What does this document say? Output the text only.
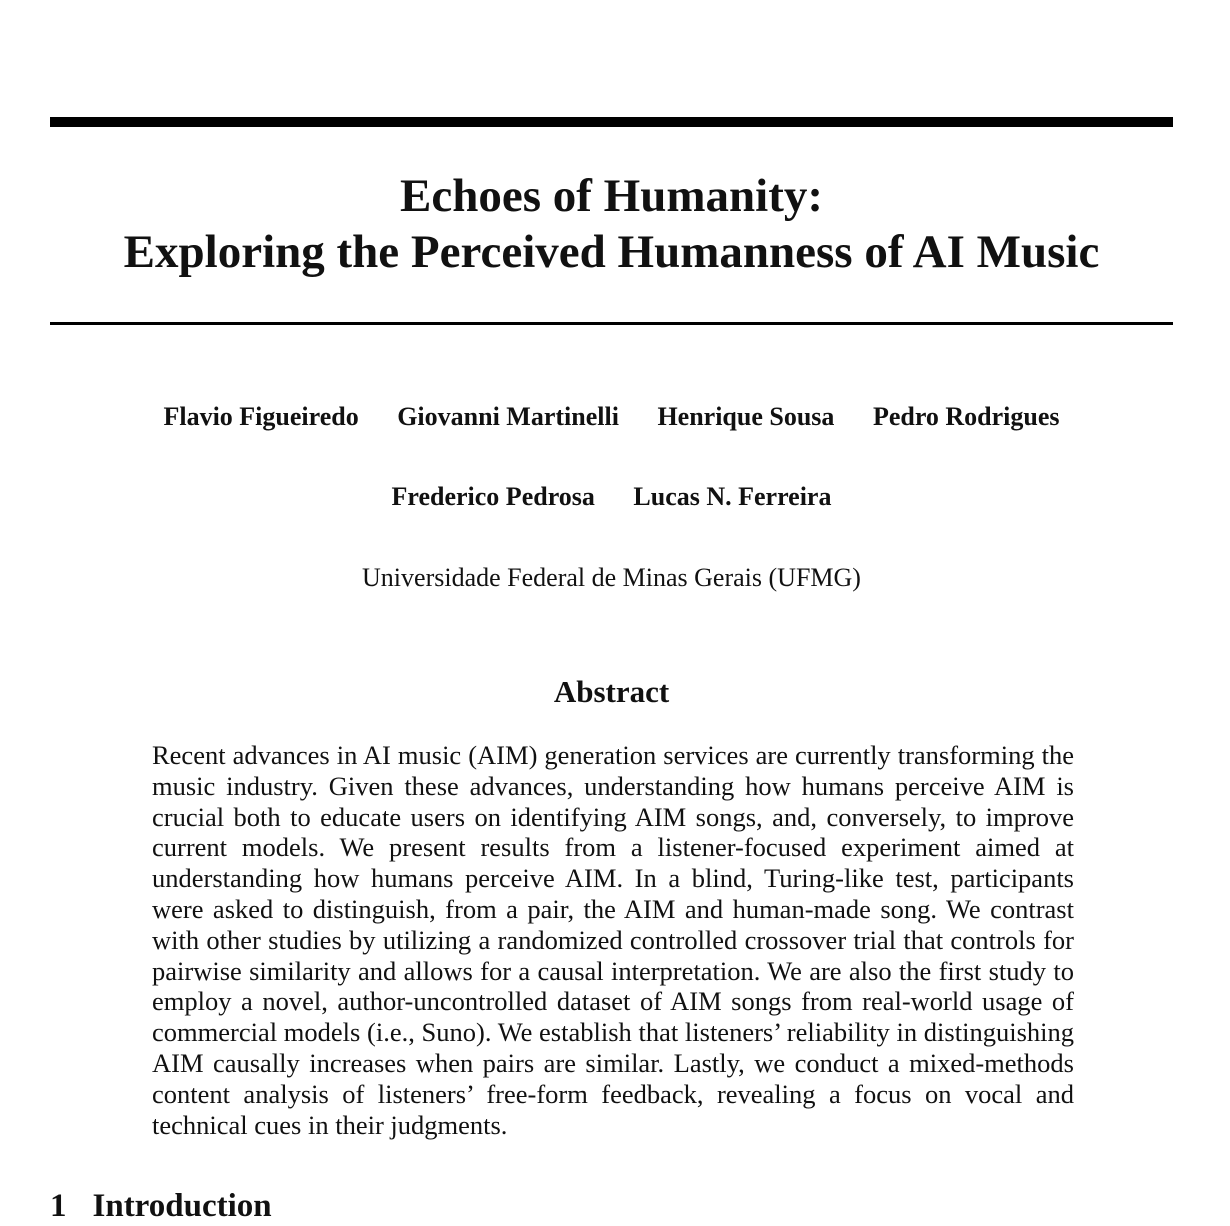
Echoes of Humanity:
Exploring the Perceived Humanness of AI Music
Flavio Figueiredo Giovanni Martinelli Henrique Sousa Pedro Rodrigues
Frederico Pedrosa Lucas N. Ferreira
Universidade Federal de Minas Gerais (UFMG)
Abstract
Recent advances in AI music (AIM) generation services are currently transforming the music industry. Given these advances, understanding how humans perceive AIM is crucial both to educate users on identifying AIM songs, and, conversely, to improve current models. We present results from a listener-focused experiment aimed at understanding how humans perceive AIM. In a blind, Turing-like test, participants were asked to distinguish, from a pair, the AIM and human-made song. We contrast with other studies by utilizing a randomized controlled crossover trial that controls for pairwise similarity and allows for a causal interpretation. We are also the first study to employ a novel, author-uncontrolled dataset of AIM songs from real-world usage of commercial models (i.e., Suno). We establish that listeners’ reliability in distinguishing AIM causally increases when pairs are similar. Lastly, we conduct a mixed-methods content analysis of listeners’ free-form feedback, revealing a focus on vocal and technical cues in their judgments.
1 Introduction
